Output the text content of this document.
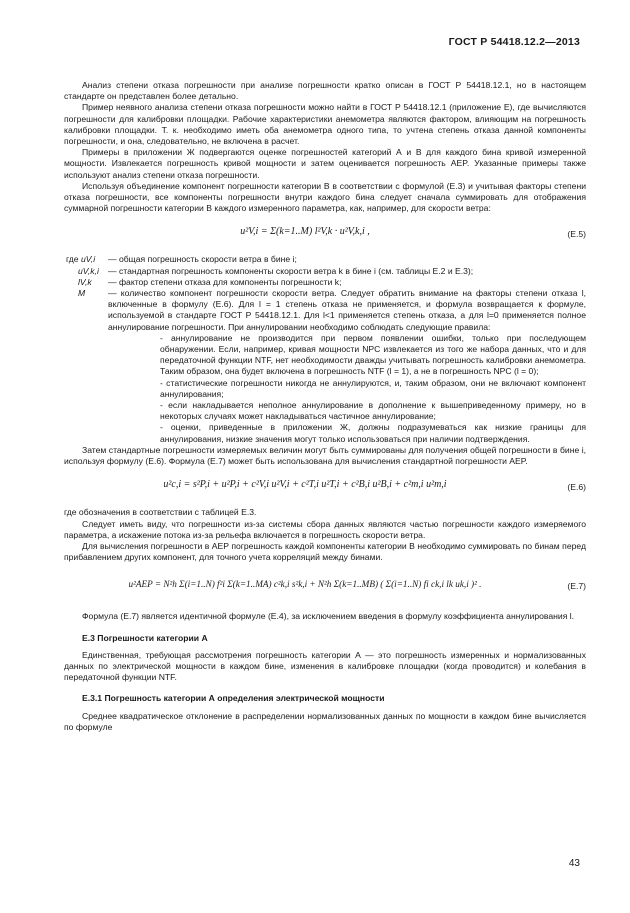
ГОСТ Р 54418.12.2—2013

Анализ степени отказа погрешности при анализе погрешности кратко описан в ГОСТ Р 54418.12.1, но в настоящем стандарте он представлен более детально.

Пример неявного анализа степени отказа погрешности можно найти в ГОСТ Р 54418.12.1 (приложение Е), где вычисляются погрешности для калибровки площадки. Рабочие характеристики анемометра являются фактором, влияющим на погрешность калибровки площадки. Т. к. необходимо иметь оба анемометра одного типа, то учтена степень отказа данной компоненты погрешности, и она, следовательно, не включена в расчет.

Примеры в приложении Ж подвергаются оценке погрешностей категорий А и В для каждого бина кривой измеренной мощности. Извлекается погрешность кривой мощности и затем оценивается погрешность AEP. Указанные примеры также используют анализ степени отказа погрешности.

Используя объединение компонент погрешности категории В в соответствии с формулой (Е.3) и учитывая факторы степени отказа погрешности, все компоненты погрешности внутри каждого бина следует сначала суммировать для отображения суммарной погрешности категории В каждого измеренного параметра, как, например, для скорости ветра:

u²V,i = Σ(k=1..M) l²V,k · u²V,k,i ,	(Е.5)
где uV,i	— общая погрешность скорости ветра в бине i;
uV,k,i	— стандартная погрешность компоненты скорости ветра k в бине i (см. таблицы Е.2 и Е.3);
lV,k	— фактор степени отказа для компоненты погрешности k;
M	— количество компонент погрешности скорости ветра. Следует обратить внимание на факторы степени отказа l, включенные в формулу (Е.6). Для l = 1 степень отказа не применяется, и формула возвращается к формуле, используемой в стандарте ГОСТ Р 54418.12.1. Для l<1 применяется степень отказа, а для l=0 применяется полное аннулирование погрешности. При аннулировании необходимо соблюдать следующие правила:

- аннулирование не производится при первом появлении ошибки, только при последующем обнаружении. Если, например, кривая мощности NPC извлекается из того же набора данных, что и для передаточной функции NTF, нет необходимости дважды учитывать погрешность калибровки анемометра. Таким образом, она будет включена в погрешность NTF (l = 1), а не в погрешность NPC (l = 0);

- статистические погрешности никогда не аннулируются, и, таким образом, они не включают компонент аннулирования;

- если накладывается неполное аннулирование в дополнение к вышеприведенному примеру, но в некоторых случаях может накладываться частичное аннулирование;

- оценки, приведенные в приложении Ж, должны подразумеваться как низкие границы для аннулирования, низкие значения могут только использоваться при наличии подтверждения.

Затем стандартные погрешности измеряемых величин могут быть суммированы для получения общей погрешности в бине i, используя формулу (Е.6). Формула (Е.7) может быть использована для вычисления стандартной погрешности AEP.

u²c,i = s²P,i + u²P,i + c²V,i u²V,i + c²T,i u²T,i + c²B,i u²B,i + c²m,i u²m,i	(Е.6)

где обозначения в соответствии с таблицей Е.3.

Следует иметь виду, что погрешности из-за системы сбора данных являются частью погрешности каждого измеряемого параметра, а искажение потока из-за рельефа включается в погрешность скорости ветра.

Для вычисления погрешности в AEP погрешность каждой компоненты категории В необходимо суммировать по бинам перед прибавлением других компонент, для точного учета корреляций между бинами.

u²AEP = N²h Σ(i=1..N) f²i Σ(k=1..MA) c²k,i s²k,i + N²h Σ(k=1..MB) ( Σ(i=1..N) fi ck,i lk uk,i )² .	(Е.7)

Формула (Е.7) является идентичной формуле (Е.4), за исключением введения в формулу коэффициента аннулирования l.

Е.3 Погрешности категории А

Единственная, требующая рассмотрения погрешность категории А — это погрешность измеренных и нормализованных данных по электрической мощности в каждом бине, изменения в калибровке площадки (когда проводится) и колебания в передаточной функции NTF.

Е.3.1 Погрешность категории А определения электрической мощности

Среднее квадратическое отклонение в распределении нормализованных данных по мощности в каждом бине вычисляется по формуле

43
